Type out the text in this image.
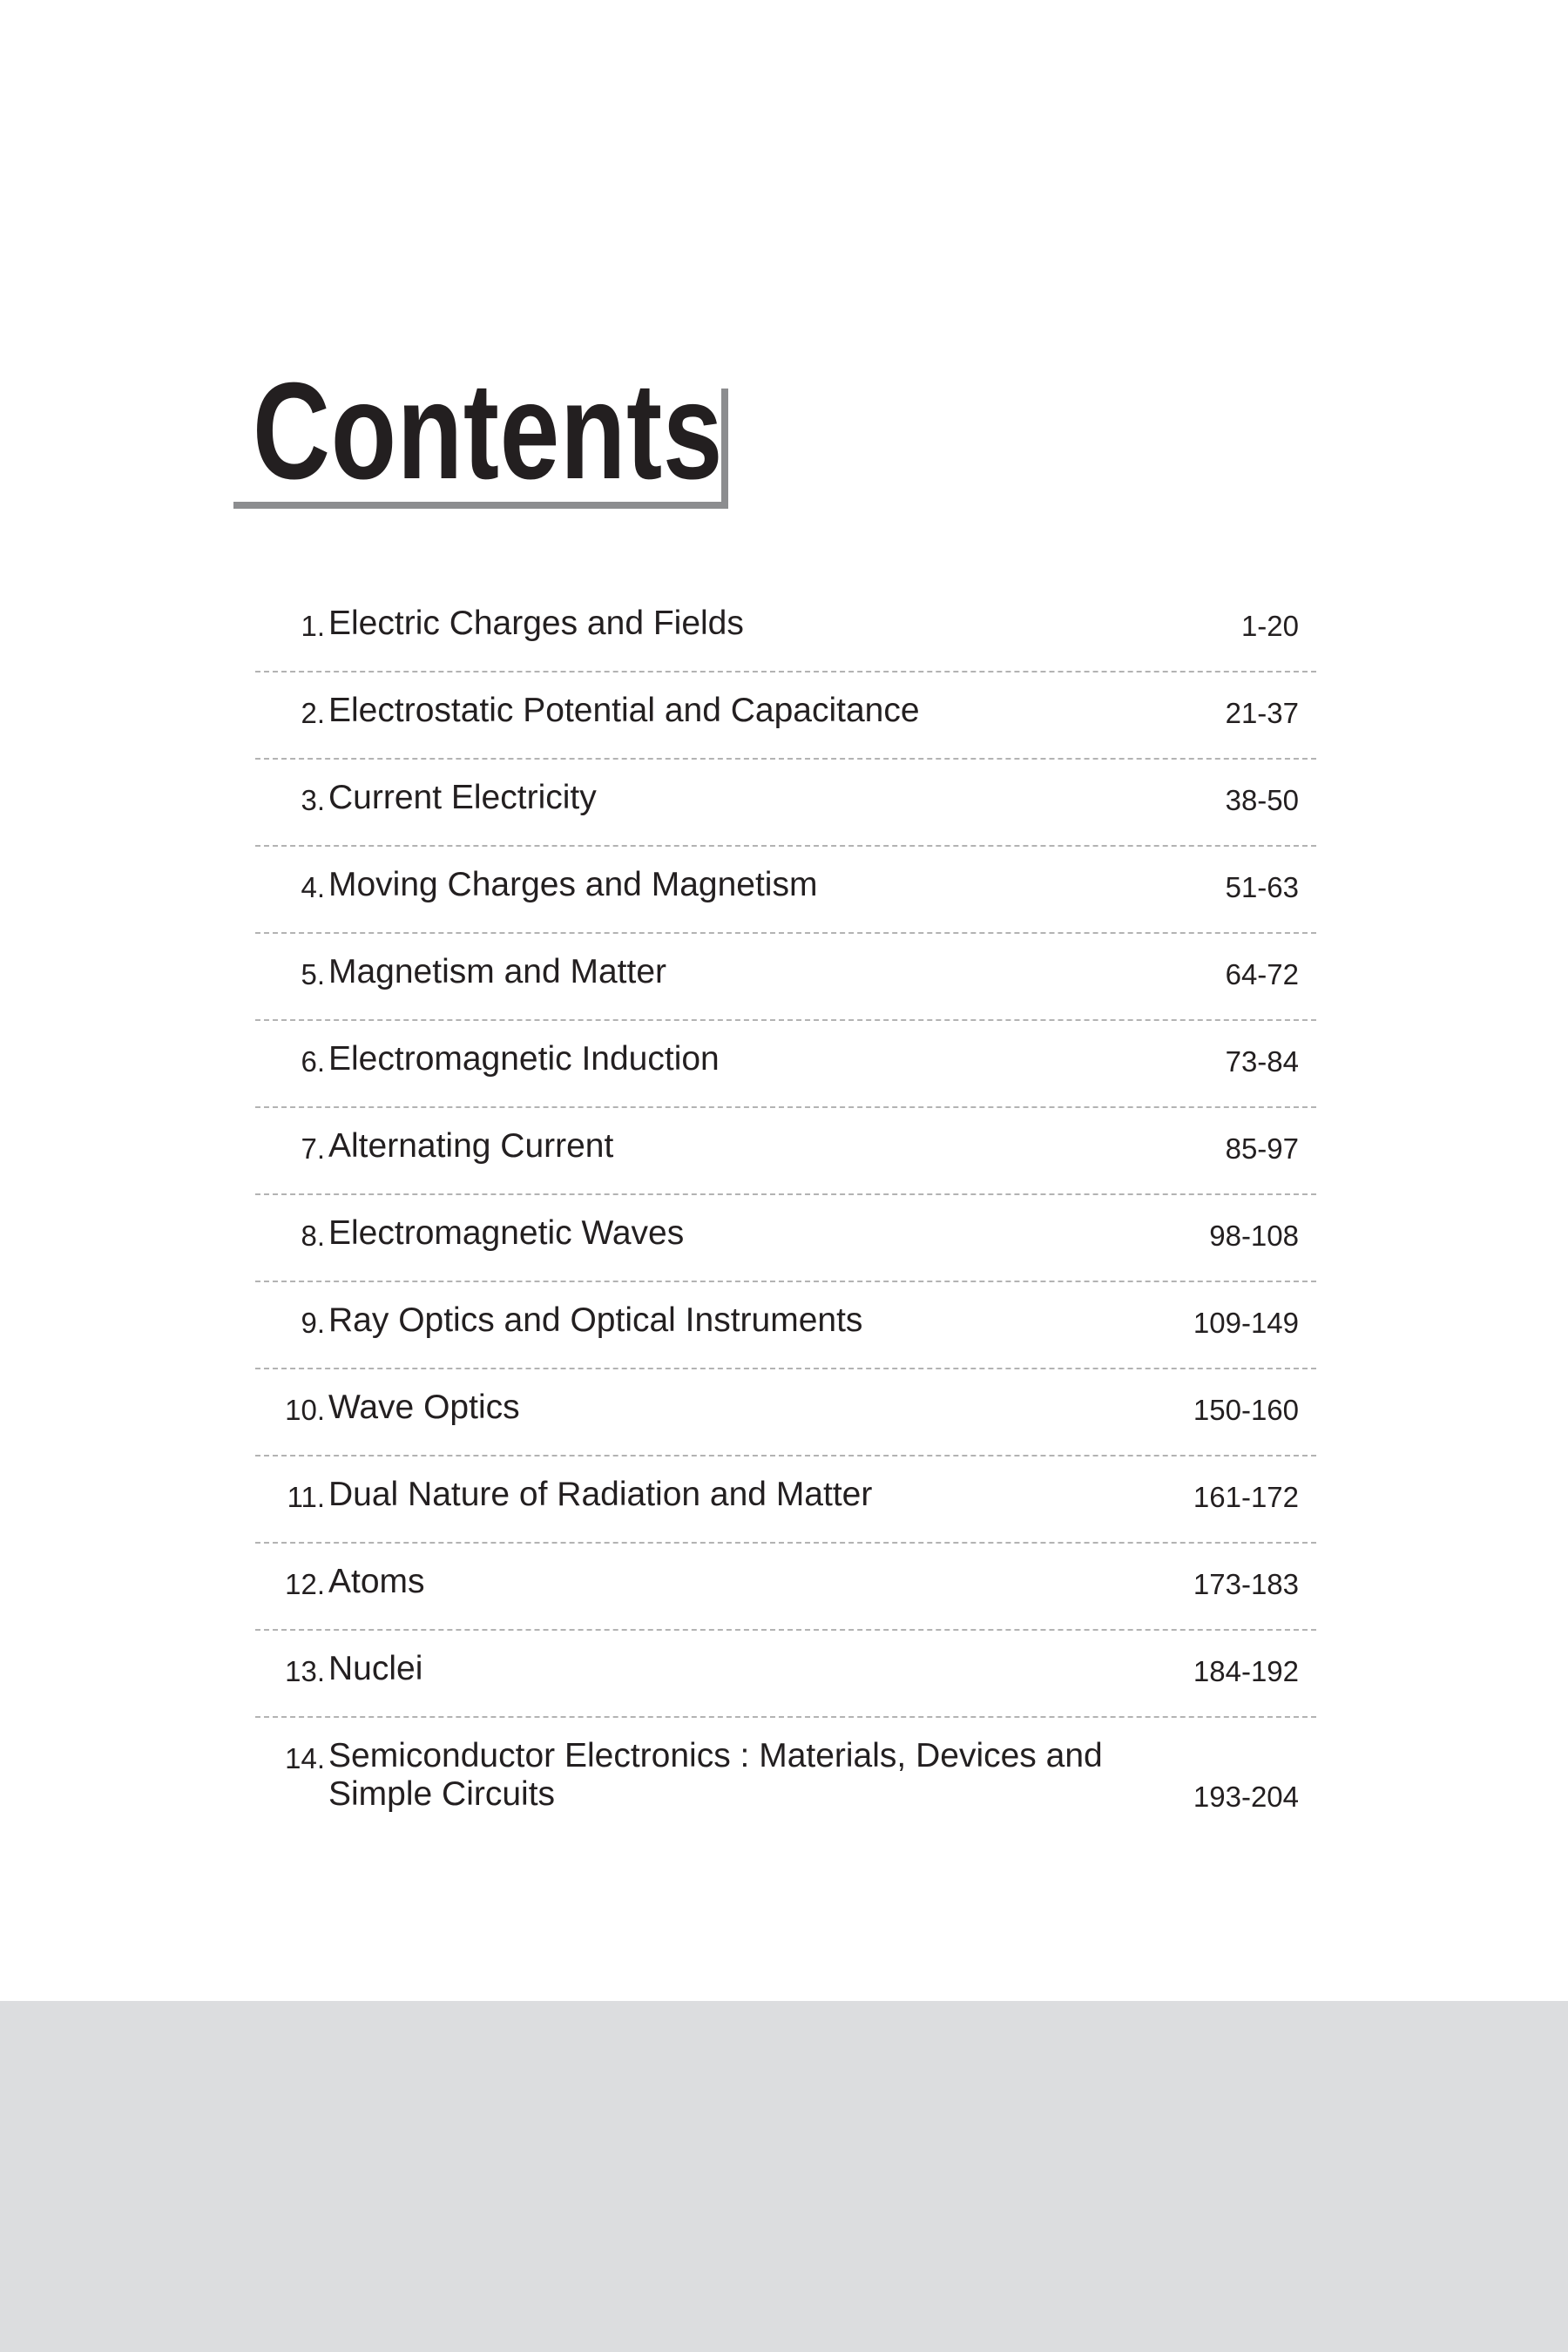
Contents
1. Electric Charges and Fields	1-20
2. Electrostatic Potential and Capacitance	21-37
3. Current Electricity	38-50
4. Moving Charges and Magnetism	51-63
5. Magnetism and Matter	64-72
6. Electromagnetic Induction	73-84
7. Alternating Current	85-97
8. Electromagnetic Waves	98-108
9. Ray Optics and Optical Instruments	109-149
10. Wave Optics	150-160
11. Dual Nature of Radiation and Matter	161-172
12. Atoms	173-183
13. Nuclei	184-192
14. Semiconductor Electronics : Materials, Devices and
Simple Circuits	193-204
